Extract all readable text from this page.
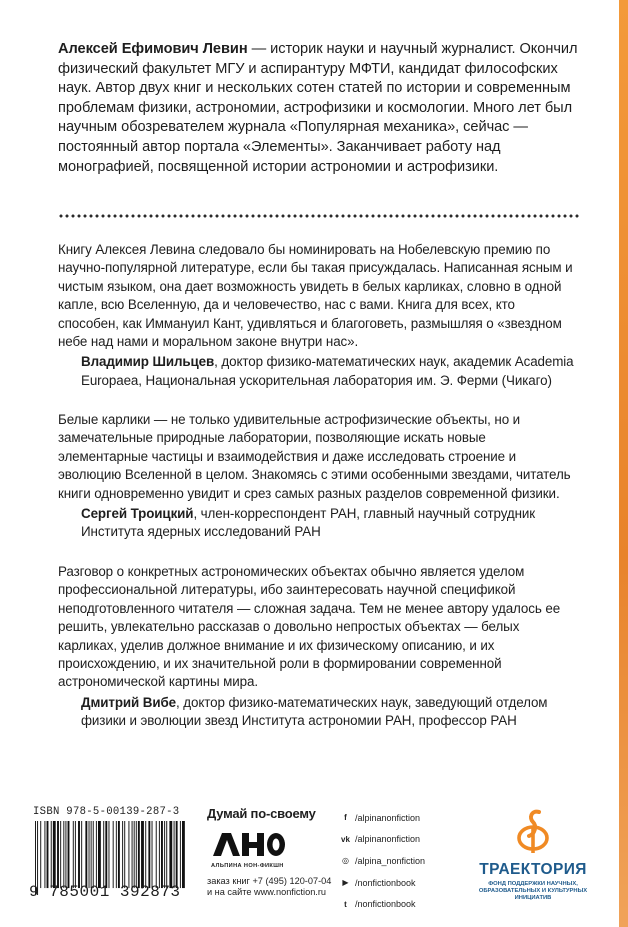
Алексей Ефимович Левин — историк науки и научный журналист. Окончил физический факультет МГУ и аспирантуру МФТИ, кандидат философских наук. Автор двух книг и нескольких сотен статей по истории и современным проблемам физики, астрономии, астрофизики и космологии. Много лет был научным обозревателем журнала «Популярная механика», сейчас — постоянный автор портала «Элементы». Заканчивает работу над монографией, посвященной истории астрономии и астрофизики.

Книгу Алексея Левина следовало бы номинировать на Нобелевскую премию по научно-популярной литературе, если бы такая присуждалась. Написанная ясным и чистым языком, она дает возможность увидеть в белых карликах, словно в одной капле, всю Вселенную, да и человечество, нас с вами. Книга для всех, кто способен, как Иммануил Кант, удивляться и благоговеть, размышляя о «звездном небе над нами и моральном законе внутри нас».

Владимир Шильцев, доктор физико-математических наук, академик Academia Europaea, Национальная ускорительная лаборатория им. Э. Ферми (Чикаго)

Белые карлики — не только удивительные астрофизические объекты, но и замечательные природные лаборатории, позволяющие искать новые элементарные частицы и взаимодействия и даже исследовать строение и эволюцию Вселенной в целом. Знакомясь с этими особенными звездами, читатель книги одновременно увидит и срез самых разных разделов современной физики.

Сергей Троицкий, член-корреспондент РАН, главный научный сотрудник Института ядерных исследований РАН

Разговор о конкретных астрономических объектах обычно является уделом профессиональной литературы, ибо заинтересовать научной спецификой неподготовленного читателя — сложная задача. Тем не менее автору удалось ее решить, увлекательно рассказав о довольно непростых объектах — белых карликах, уделив должное внимание и их физическому описанию, и их происхождению, и их значительной роли в формировании современной астрономической картины мира.

Дмитрий Вибе, доктор физико-математических наук, заведующий отделом физики и эволюции звезд Института астрономии РАН, профессор РАН
ISBN 978-5-00139-287-3
9 785001 392873
Думай по-своему
АЛЬПИНА НОН-ФИКШН
заказ книг +7 (495) 120-07-04
и на сайте www.nonfiction.ru
f /alpinanonfiction
vk /alpinanonfiction
◎ /alpina_nonfiction
▶ /nonfictionbook
t /nonfictionbook
ТРАЕКТОРИЯ
ФОНД ПОДДЕРЖКИ НАУЧНЫХ, ОБРАЗОВАТЕЛЬНЫХ И КУЛЬТУРНЫХ ИНИЦИАТИВ
